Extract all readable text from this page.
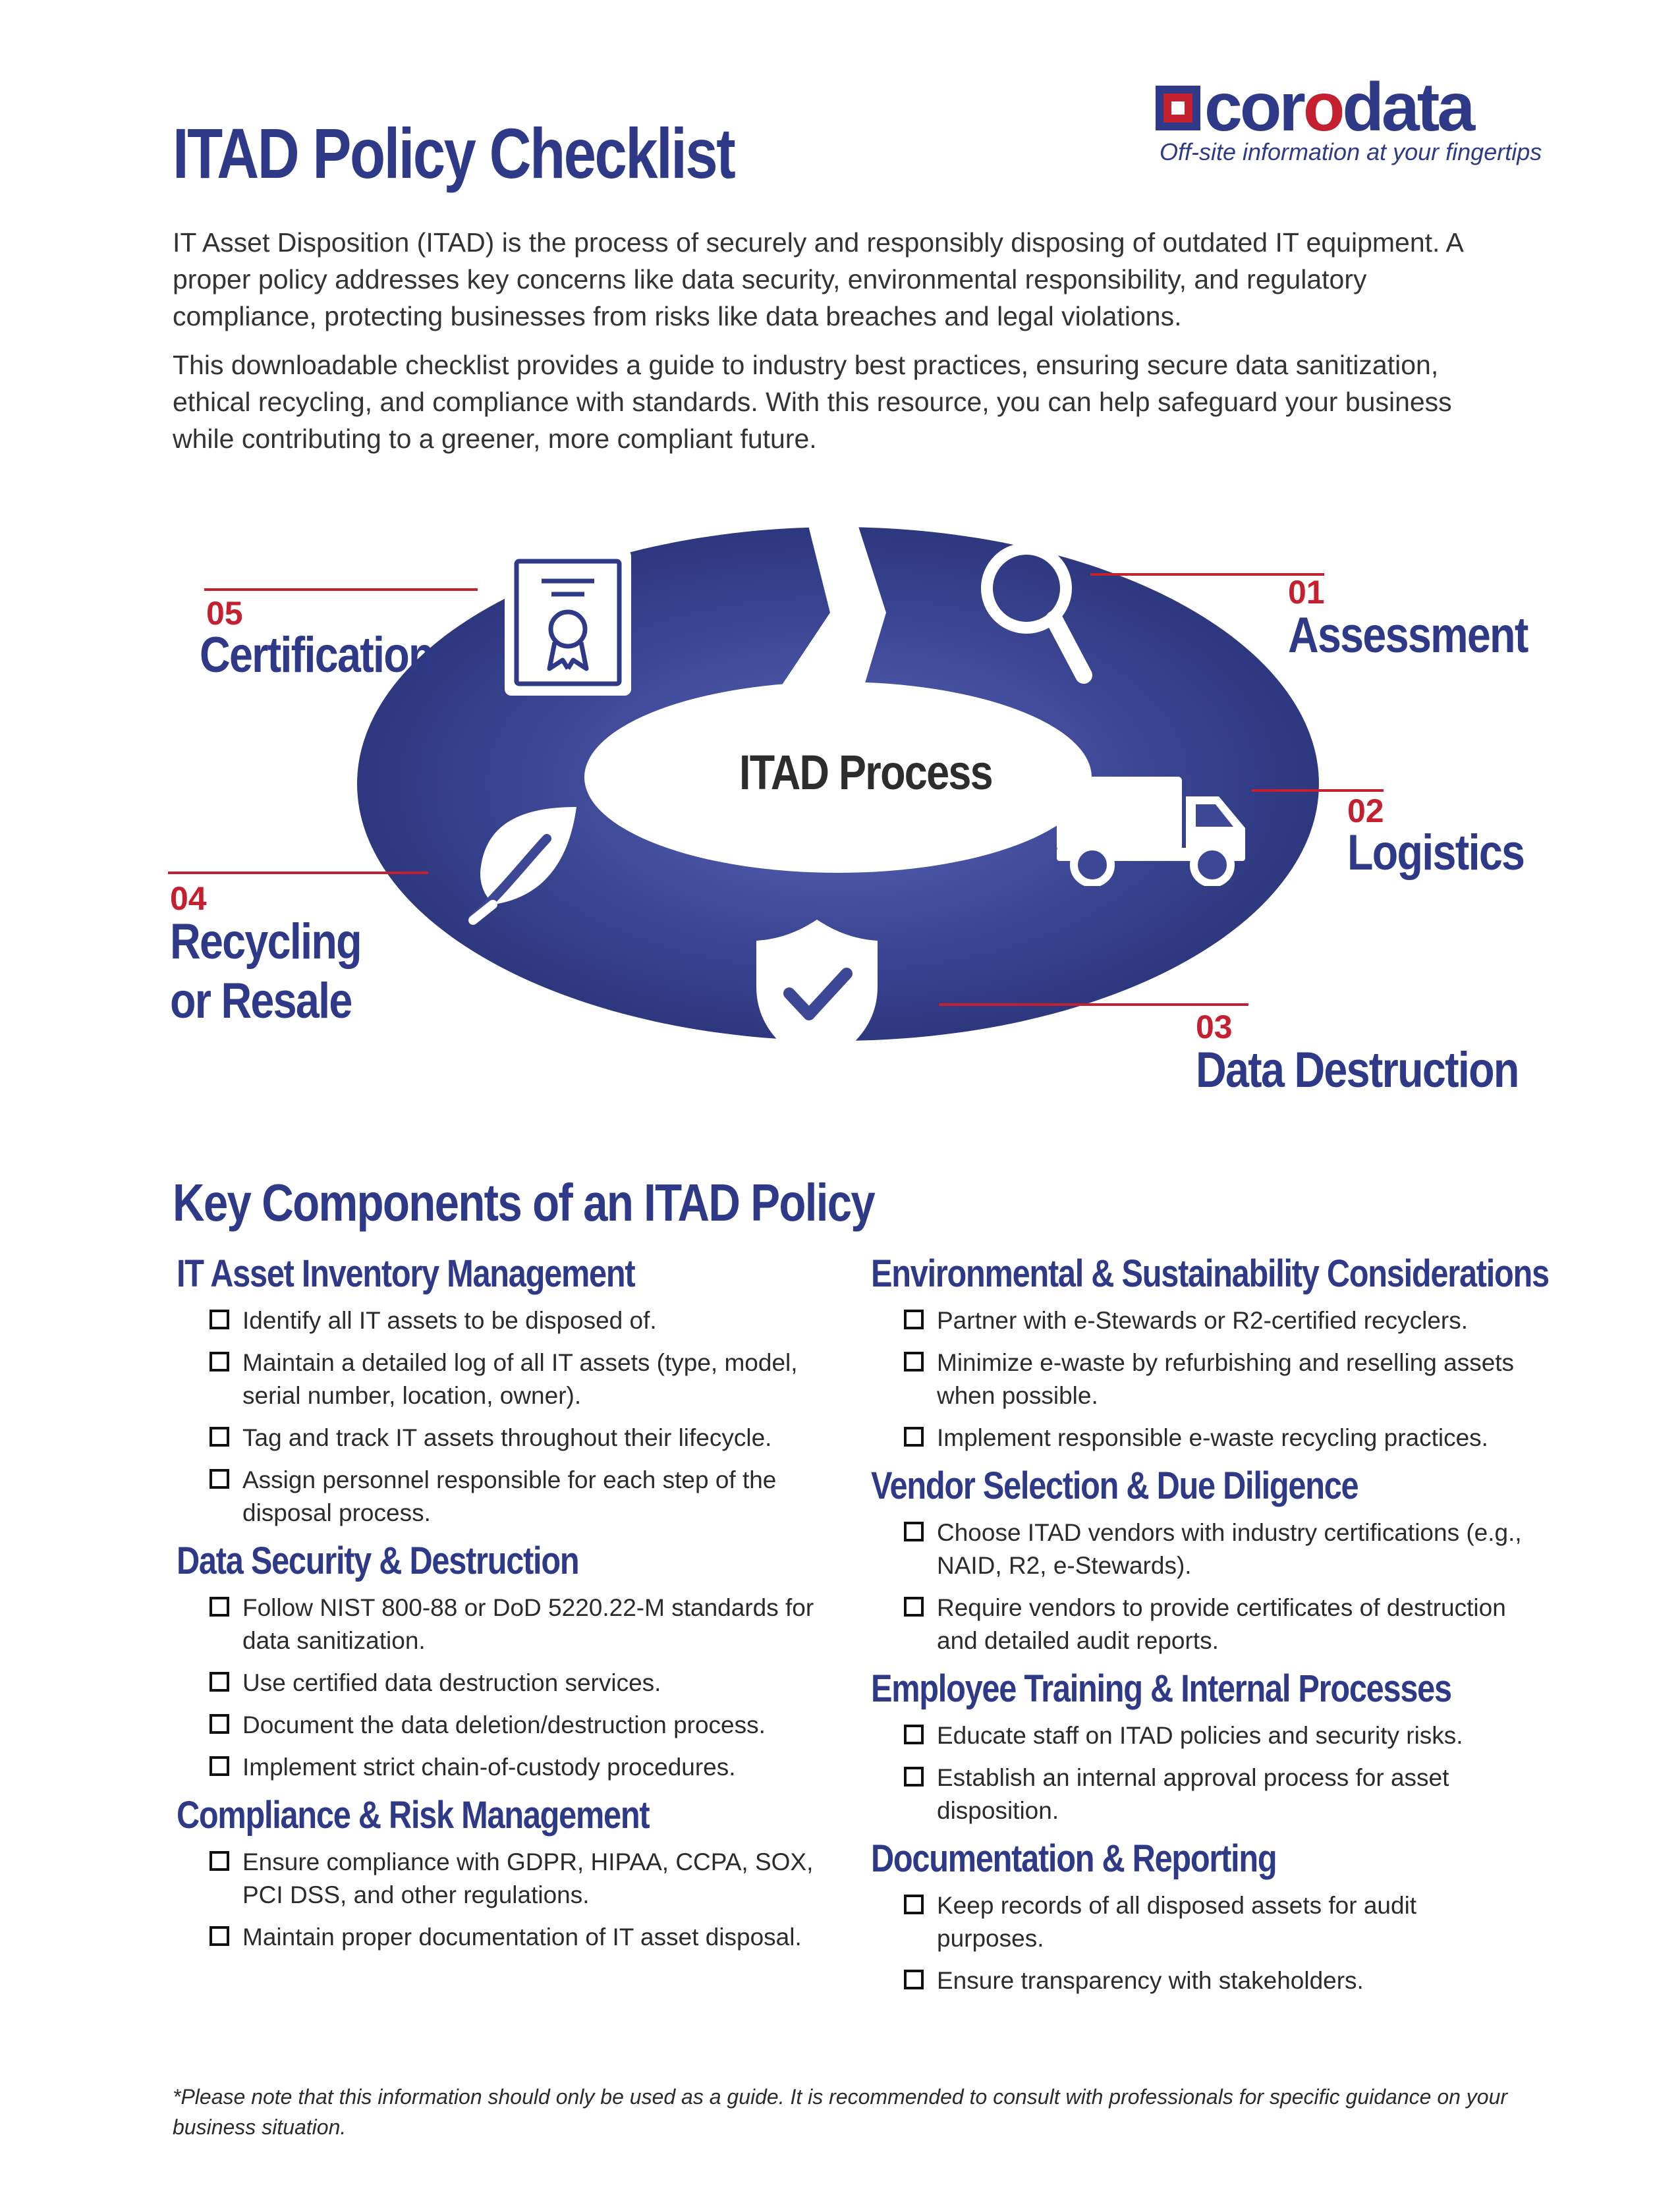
ITAD Policy Checklist
corodata
Off-site information at your fingertips

IT Asset Disposition (ITAD) is the process of securely and responsibly disposing of outdated IT equipment. A proper policy addresses key concerns like data security, environmental responsibility, and regulatory compliance, protecting businesses from risks like data breaches and legal violations.

This downloadable checklist provides a guide to industry best practices, ensuring secure data sanitization, ethical recycling, and compliance with standards. With this resource, you can help safeguard your business while contributing to a greener, more compliant future.

ITAD Process
05
Certification
01
Assessment
02
Logistics
03
Data Destruction
04
Recycling
or Resale
Key Components of an ITAD Policy
IT Asset Inventory Management
Identify all IT assets to be disposed of.
Maintain a detailed log of all IT assets (type, model, serial number, location, owner).
Tag and track IT assets throughout their lifecycle.
Assign personnel responsible for each step of the disposal process.
Data Security & Destruction
Follow NIST 800-88 or DoD 5220.22-M standards for data sanitization.
Use certified data destruction services.
Document the data deletion/destruction process.
Implement strict chain-of-custody procedures.
Compliance & Risk Management
Ensure compliance with GDPR, HIPAA, CCPA, SOX, PCI DSS, and other regulations.
Maintain proper documentation of IT asset disposal.
Environmental & Sustainability Considerations
Partner with e-Stewards or R2-certified recyclers.
Minimize e-waste by refurbishing and reselling assets when possible.
Implement responsible e-waste recycling practices.
Vendor Selection & Due Diligence
Choose ITAD vendors with industry certifications (e.g., NAID, R2, e-Stewards).
Require vendors to provide certificates of destruction and detailed audit reports.
Employee Training & Internal Processes
Educate staff on ITAD policies and security risks.
Establish an internal approval process for asset disposition.
Documentation & Reporting
Keep records of all disposed assets for audit purposes.
Ensure transparency with stakeholders.
*Please note that this information should only be used as a guide. It is recommended to consult with professionals for specific guidance on your business situation.
